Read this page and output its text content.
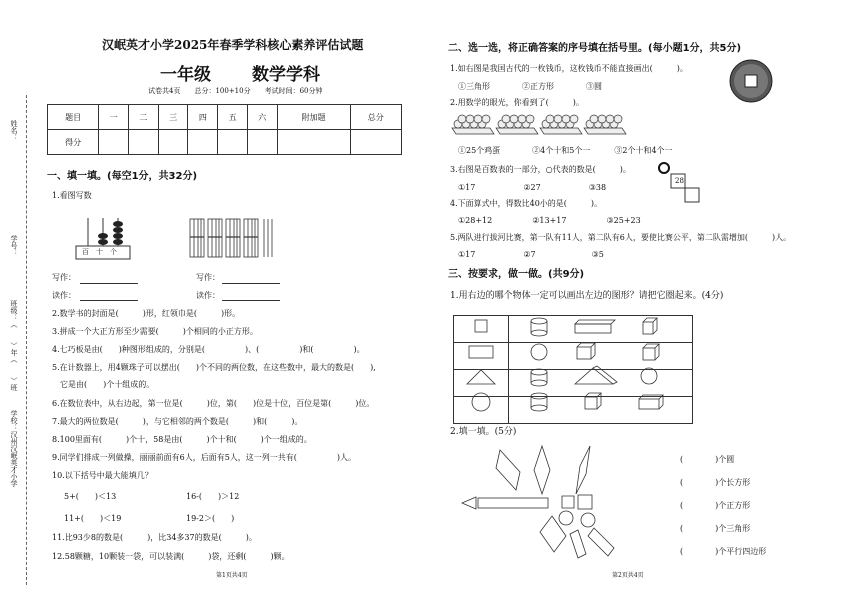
姓名：
学号：
班级：（　　）年（　　）班
学校：汉州汉岷英才小学
汉岷英才小学2025年春季学科核心素养评估试题
一年级 数学学科
试卷共4页　　总分：100+10分　　考试时间：60分钟
题目	一	二	三	四	五	六	附加题	总分
得分								
一、填一填。(每空1分，共32分)
1.看图写数
百　十　个
写作：
读作：
写作：
读作：
2.数学书的封面是(　　　)形，红领巾是(　　　)形。
3.拼成一个大正方形至少需要(　　　)个相同的小正方形。
4.七巧板是由(　　)种图形组成的，分别是(　　　　　)、(　　　　　)和(　　　　　)。
5.在计数器上，用4颗珠子可以摆出(　　)个不同的两位数，在这些数中，最大的数是(　　),
　它是由(　　)个十组成的。
6.在数位表中，从右边起，第一位是(　　　)位，第(　　)位是十位，百位是第(　　　)位。
7.最大的两位数是(　　　)，与它相邻的两个数是(　　　)和(　　　)。
8.100里面有(　　　)个十，58是由(　　　)个十和(　　　)个一组成的。
9.同学们排成一列做操，丽丽前面有6人，后面有5人，这一列一共有(　　　　　)人。
10.以下括号中最大能填几？
5+(　　)＜13	16-(　　)＞12
11+(　　)＜19	19-2＞(　　)
11.比93少8的数是(　　　)，比34多37的数是(　　　)。
12.58颗糖，10颗装一袋，可以装满(　　　)袋，还剩(　　　)颗。
第1页共4页
二、选一选，将正确答案的序号填在括号里。(每小题1分，共5分)
1.如右图是我国古代的一枚钱币，这枚钱币不能直接画出(　　　)。
①三角形　　　　②正方形　　　　③圆
2.用数学的眼光，你看到了(　　　)。
①25个鸡蛋　　　　②4个十和5个一　　　③2个十和4个一
3.右图是百数表的一部分，○代表的数是(　　　)。
①17　　　　　　②27　　　　　　③38
28
4.下面算式中，得数比40小的是(　　　)。
①28+12　　　　　②13+17　　　　　③25+23
5.两队进行拔河比赛，第一队有11人，第二队有6人，要使比赛公平，第二队需增加(　　　)人。
①17　　　　　　②7　　　　　　　③5
三、按要求，做一做。(共9分)
1.用右边的哪个物体一定可以画出左边的图形？请把它圈起来。(4分)

2.填一填。(5分)
(　　　　)个圆
(　　　　)个长方形
(　　　　)个正方形
(　　　　)个三角形
(　　　　)个平行四边形
第2页共4页
